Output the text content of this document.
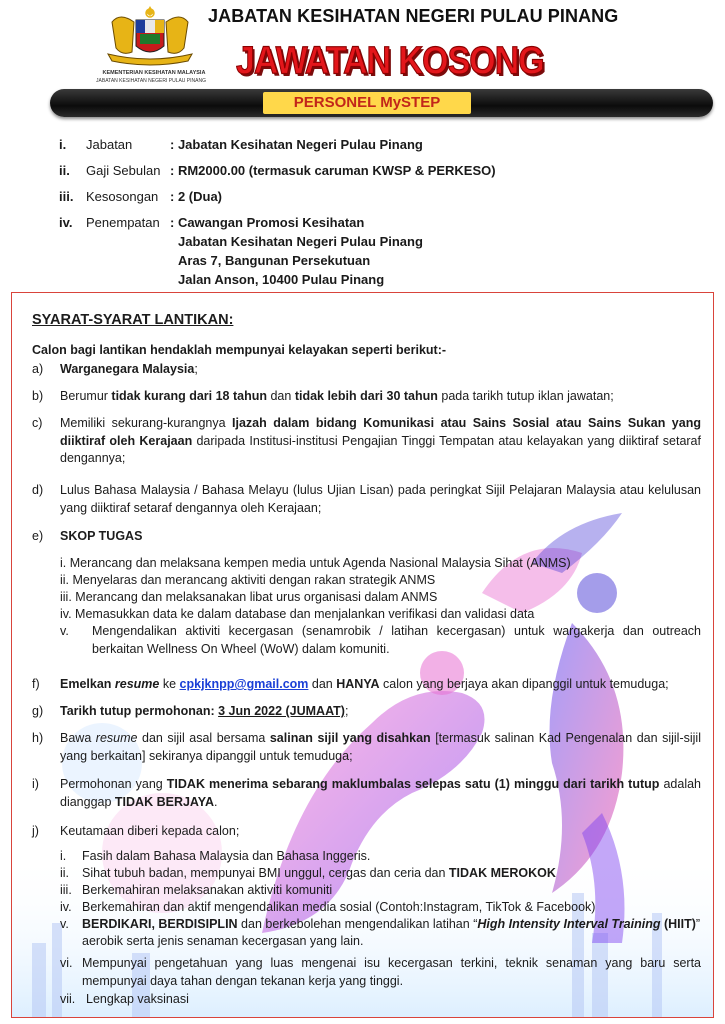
KEMENTERIAN KESIHATAN MALAYSIA
JABATAN KESIHATAN NEGERI PULAU PINANG
JABATAN KESIHATAN NEGERI PULAU PINANG
JAWATAN KOSONG
PERSONEL MySTEP
i. Jabatan	: Jabatan Kesihatan Negeri Pulau Pinang
ii. Gaji Sebulan : RM2000.00 (termasuk caruman KWSP & PERKESO)
iii. Kesosongan : 2 (Dua)
iv. Penempatan : Cawangan Promosi Kesihatan
Jabatan Kesihatan Negeri Pulau Pinang
Aras 7, Bangunan Persekutuan
Jalan Anson, 10400 Pulau Pinang
SYARAT-SYARAT LANTIKAN:
Calon bagi lantikan hendaklah mempunyai kelayakan seperti berikut:-
a) Warganegara Malaysia;
b) Berumur tidak kurang dari 18 tahun dan tidak lebih dari 30 tahun pada tarikh tutup iklan jawatan;
c) Memiliki sekurang-kurangnya Ijazah dalam bidang Komunikasi atau Sains Sosial atau Sains Sukan yang diiktiraf oleh Kerajaan daripada Institusi-institusi Pengajian Tinggi Tempatan atau kelayakan yang diiktiraf setaraf dengannya;
d) Lulus Bahasa Malaysia / Bahasa Melayu (lulus Ujian Lisan) pada peringkat Sijil Pelajaran Malaysia atau kelulusan yang diiktiraf setaraf dengannya oleh Kerajaan;
e) SKOP TUGAS
i. Merancang dan melaksana kempen media untuk Agenda Nasional Malaysia Sihat (ANMS)
ii. Menyelaras dan merancang aktiviti dengan rakan strategik ANMS
iii. Merancang dan melaksanakan libat urus organisasi dalam ANMS
iv. Memasukkan data ke dalam database dan menjalankan verifikasi dan validasi data
v. Mengendalikan aktiviti kecergasan (senamrobik / latihan kecergasan) untuk wargakerja dan outreach berkaitan Wellness On Wheel (WoW) dalam komuniti.
f) Emelkan resume ke cpkjknpp@gmail.com dan HANYA calon yang berjaya akan dipanggil untuk temuduga;
g) Tarikh tutup permohonan: 3 Jun 2022 (JUMAAT);
h) Bawa resume dan sijil asal bersama salinan sijil yang disahkan [termasuk salinan Kad Pengenalan dan sijil-sijil yang berkaitan] sekiranya dipanggil untuk temuduga;
i) Permohonan yang TIDAK menerima sebarang maklumbalas selepas satu (1) minggu dari tarikh tutup adalah dianggap TIDAK BERJAYA.
j) Keutamaan diberi kepada calon;
i. Fasih dalam Bahasa Malaysia dan Bahasa Inggeris.
ii. Sihat tubuh badan, mempunyai BMI unggul, cergas dan ceria dan TIDAK MEROKOK
iii. Berkemahiran melaksanakan aktiviti komuniti
iv. Berkemahiran dan aktif mengendalikan media sosial (Contoh:Instagram, TikTok & Facebook)
v. BERDIKARI, BERDISIPLIN dan berkebolehan mengendalikan latihan “High Intensity Interval Training (HIIT)”
aerobik serta jenis senaman kecergasan yang lain.
vi. Mempunyai pengetahuan yang luas mengenai isu kecergasan terkini, teknik senaman yang baru serta mempunyai daya tahan dengan tekanan kerja yang tinggi.
vii. Lengkap vaksinasi
